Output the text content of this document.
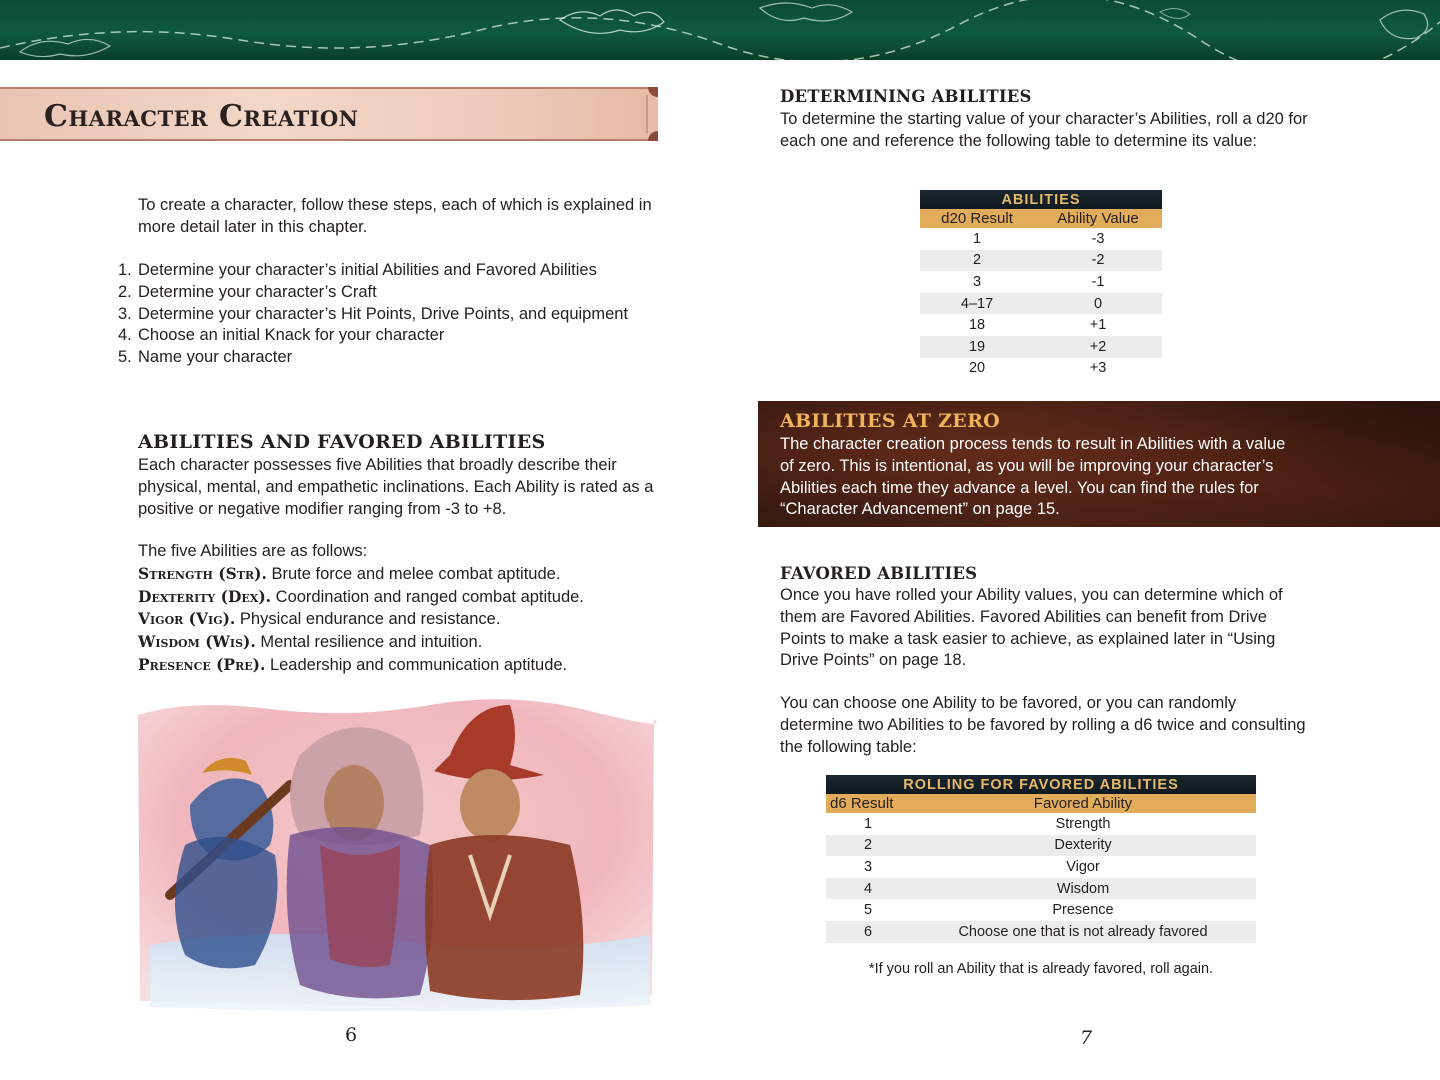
Character Creation

To create a character, follow these steps, each of which is explained in more detail later in this chapter.

1. Determine your character’s initial Abilities and Favored Abilities
2. Determine your character’s Craft
3. Determine your character’s Hit Points, Drive Points, and equipment
4. Choose an initial Knack for your character
5. Name your character
ABILITIES AND FAVORED ABILITIES

Each character possesses five Abilities that broadly describe their physical, mental, and empathetic inclinations. Each Ability is rated as a positive or negative modifier ranging from -3 to +8.

The five Abilities are as follows:

Strength (Str). Brute force and melee combat aptitude.

Dexterity (Dex). Coordination and ranged combat aptitude.

Vigor (Vig). Physical endurance and resistance.

Wisdom (Wis). Mental resilience and intuition.

Presence (Pre). Leadership and communication aptitude.

6
DETERMINING ABILITIES

To determine the starting value of your character’s Abilities, roll a d20 for each one and reference the following table to determine its value:

ABILITIES
d20 Result	Ability Value
1	-3
2	-2
3	-1
4–17	0
18	+1
19	+2
20	+3
ABILITIES AT ZERO

The character creation process tends to result in Abilities with a value of zero. This is intentional, as you will be improving your character’s Abilities each time they advance a level. You can find the rules for “Character Advancement” on page 15.

FAVORED ABILITIES

Once you have rolled your Ability values, you can determine which of them are Favored Abilities. Favored Abilities can benefit from Drive Points to make a task easier to achieve, as explained later in “Using Drive Points” on page 18.

You can choose one Ability to be favored, or you can randomly determine two Abilities to be favored by rolling a d6 twice and consulting the following table:

ROLLING FOR FAVORED ABILITIES
d6 Result	Favored Ability
1	Strength
2	Dexterity
3	Vigor
4	Wisdom
5	Presence
6	Choose one that is not already favored

*If you roll an Ability that is already favored, roll again.

7
